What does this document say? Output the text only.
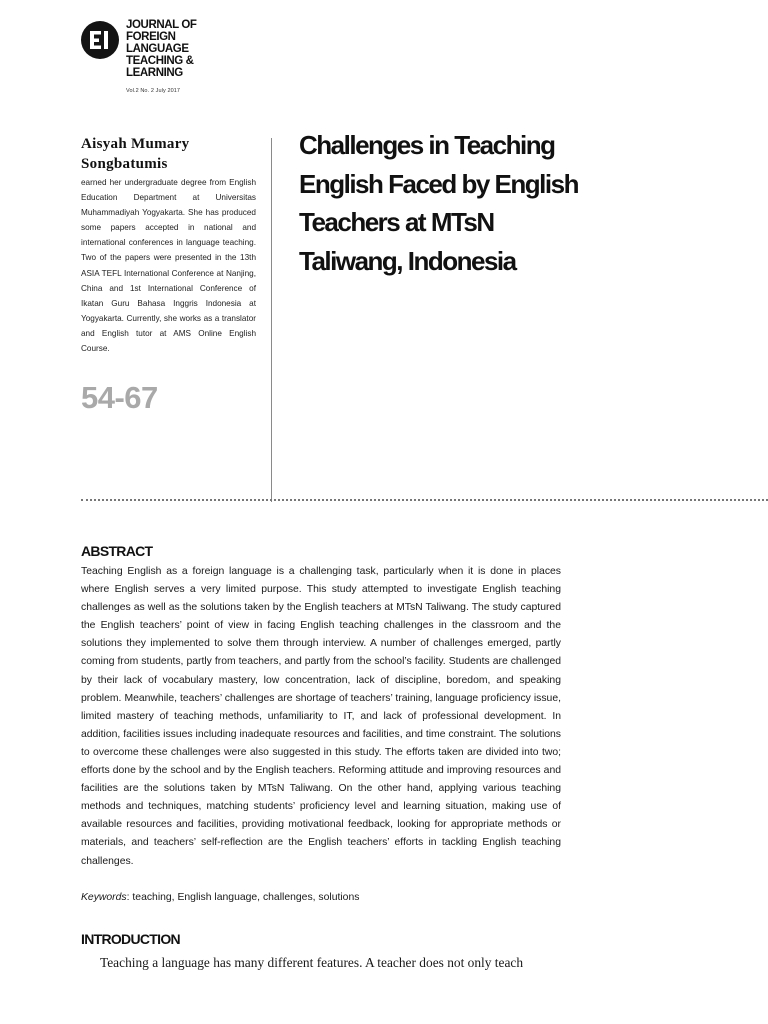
JOURNAL OF
FOREIGN
LANGUAGE
TEACHING &
LEARNING
Vol.2 No. 2 July 2017
Aisyah Mumary Songbatumis
earned her undergraduate degree from English Education Department at Universitas Muhammadiyah Yogyakarta. She has produced some papers accepted in national and international conferences in language teaching. Two of the papers were presented in the 13th ASIA TEFL International Conference at Nanjing, China and 1st International Conference of Ikatan Guru Bahasa Inggris Indonesia at Yogyakarta. Currently, she works as a translator and English tutor at AMS Online English Course.
54-67
Challenges in Teaching
English Faced by English
Teachers at MTsN
Taliwang, Indonesia
ABSTRACT
Teaching English as a foreign language is a challenging task, particularly when it is done in places where English serves a very limited purpose. This study attempted to investigate English teaching challenges as well as the solutions taken by the English teachers at MTsN Taliwang. The study captured the English teachers’ point of view in facing English teaching challenges in the classroom and the solutions they implemented to solve them through interview. A number of challenges emerged, partly coming from students, partly from teachers, and partly from the school’s facility. Students are challenged by their lack of vocabulary mastery, low concentration, lack of discipline, boredom, and speaking problem. Meanwhile, teachers’ challenges are shortage of teachers’ training, language proficiency issue, limited mastery of teaching methods, unfamiliarity to IT, and lack of professional development. In addition, facilities issues including inadequate resources and facilities, and time constraint. The solutions to overcome these challenges were also suggested in this study. The efforts taken are divided into two; efforts done by the school and by the English teachers. Reforming attitude and improving resources and facilities are the solutions taken by MTsN Taliwang. On the other hand, applying various teaching methods and techniques, matching students’ proficiency level and learning situation, making use of available resources and facilities, providing motivational feedback, looking for appropriate methods or materials, and teachers’ self-reflection are the English teachers’ efforts in tackling English teaching challenges.
Keywords: teaching, English language, challenges, solutions
INTRODUCTION
Teaching a language has many different features. A teacher does not only teach
